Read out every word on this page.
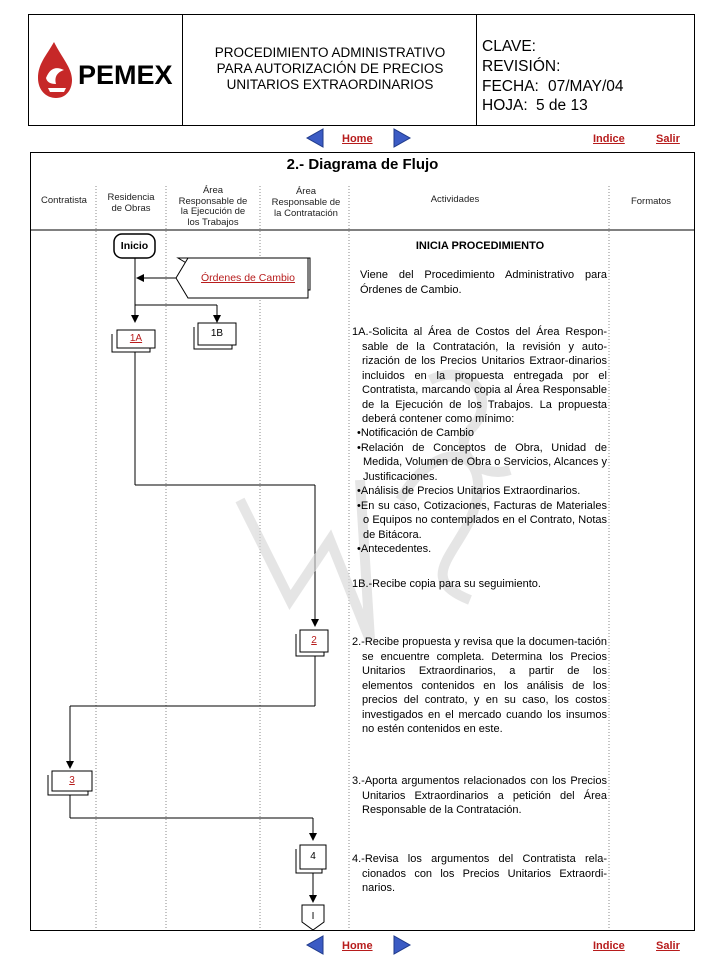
PEMEX
PROCEDIMIENTO ADMINISTRATIVO
PARA AUTORIZACIÓN DE PRECIOS
UNITARIOS EXTRAORDINARIOS
CLAVE:
REVISIÓN:
FECHA: 07/MAY/04
HOJA: 5 de 13
Home	Indice	Salir
2.- Diagrama de Flujo
Contratista	Residencia
de Obras
Área
Responsable de
la Ejecución de
los Trabajos
Área
Responsable de
la Contratación
Actividades	Formatos
Inicio
Órdenes de Cambio
1A	1B
2
3
4
I
INICIA PROCEDIMIENTO
Viene del Procedimiento Administrativo para Órdenes de Cambio.
1A.-Solicita al Área de Costos del Área Respon-sable de la Contratación, la revisión y auto-rización de los Precios Unitarios Extraor-dinarios incluidos en la propuesta entregada por el Contratista, marcando copia al Área Responsable de la Ejecución de los Trabajos. La propuesta deberá contener como mínimo:
•Notificación de Cambio
•Relación de Conceptos de Obra, Unidad de Medida, Volumen de Obra o Servicios, Alcances y Justificaciones.
•Análisis de Precios Unitarios Extraordinarios.
•En su caso, Cotizaciones, Facturas de Materiales o Equipos no contemplados en el Contrato, Notas de Bitácora.
•Antecedentes.
1B.-Recibe copia para su seguimiento.
2.-Recibe propuesta y revisa que la documen-tación se encuentre completa. Determina los Precios Unitarios Extraordinarios, a partir de los elementos contenidos en los análisis de los precios del contrato, y en su caso, los costos investigados en el mercado cuando los insumos no estén contenidos en este.
3.-Aporta argumentos relacionados con los Precios Unitarios Extraordinarios a petición del Área Responsable de la Contratación.
4.-Revisa los argumentos del Contratista rela-cionados con los Precios Unitarios Extraordi-narios.
Home	Indice	Salir
